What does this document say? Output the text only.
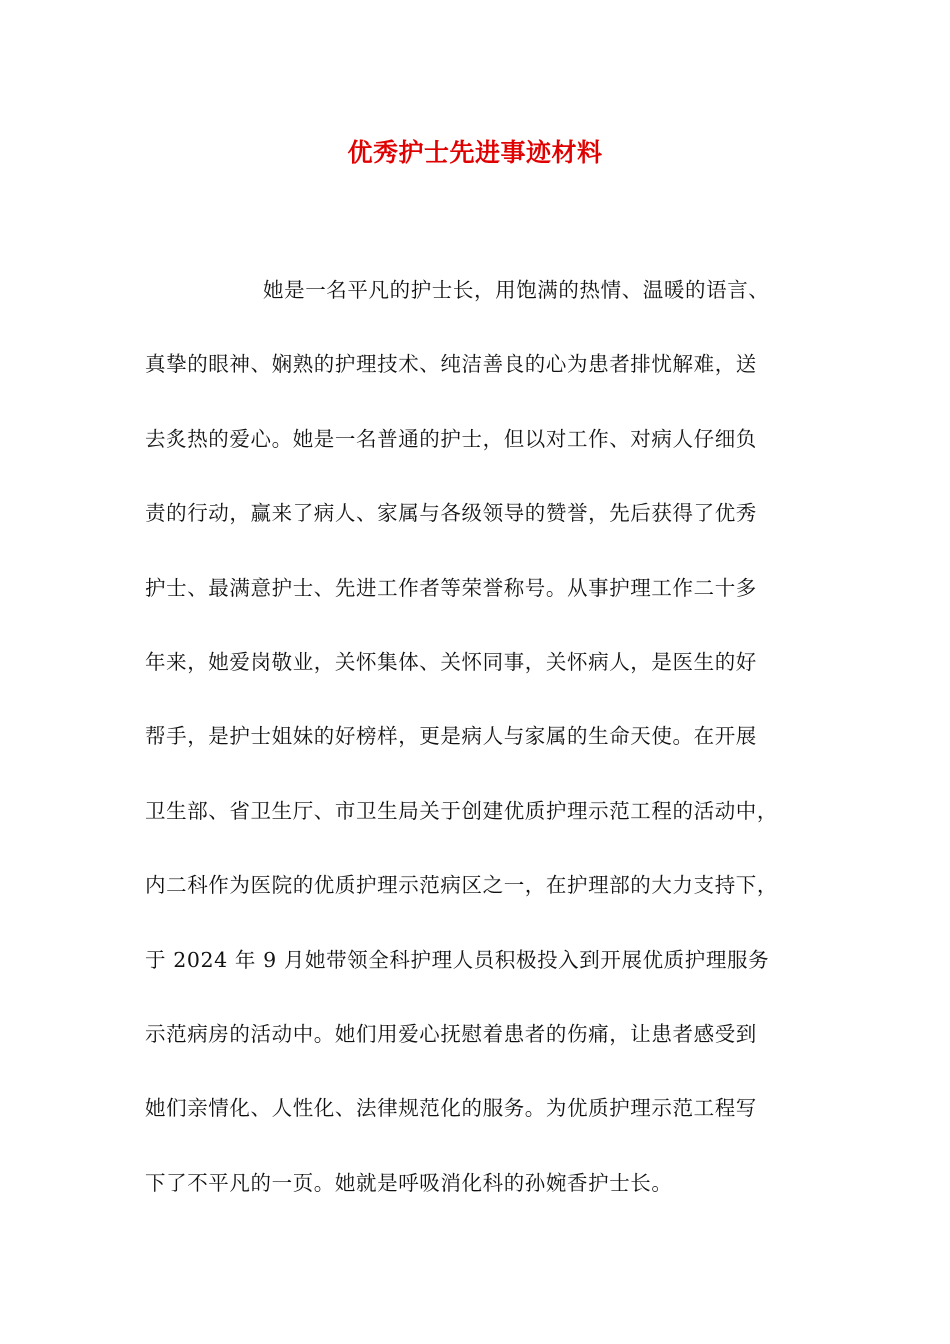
优秀护士先进事迹材料
她是一名平凡的护士长，用饱满的热情、温暖的语言、
真挚的眼神、娴熟的护理技术、纯洁善良的心为患者排忧解难，送
去炙热的爱心。她是一名普通的护士，但以对工作、对病人仔细负
责的行动，赢来了病人、家属与各级领导的赞誉，先后获得了优秀
护士、最满意护士、先进工作者等荣誉称号。从事护理工作二十多
年来，她爱岗敬业，关怀集体、关怀同事，关怀病人，是医生的好
帮手，是护士姐妹的好榜样，更是病人与家属的生命天使。在开展
卫生部、省卫生厅、市卫生局关于创建优质护理示范工程的活动中，
内二科作为医院的优质护理示范病区之一，在护理部的大力支持下，
于 2024 年 9 月她带领全科护理人员积极投入到开展优质护理服务
示范病房的活动中。她们用爱心抚慰着患者的伤痛，让患者感受到
她们亲情化、人性化、法律规范化的服务。为优质护理示范工程写
下了不平凡的一页。她就是呼吸消化科的孙婉香护士长。
